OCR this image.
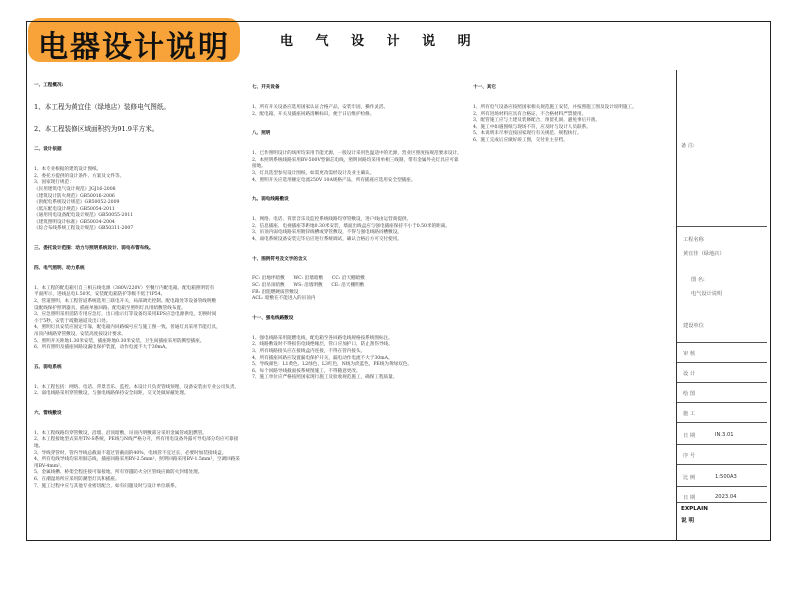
电器设计说明	电 气 设 计 说 明

一、工程概况:

1、本工程为黄宜佳（绿地店）装修电气图纸。

2、本工程装修区域面积约为91.9平方米。

二、设计依据

1、本专业根据的建筑设计图纸。
2、委托方提供的设计条件、方案及文件等。
3、国家现行规范：
《民用建筑电气设计规范》JGJ16-2008
《建筑设计防火规范》GB50016-2006
《供配电系统设计规范》GB50052-2009
《低压配电设计规范》GB50054-2011
《通用用电设备配电设计规范》GB50055-2011
《建筑照明设计标准》GB50034-2004
《综合布线系统工程设计规范》GB50311-2007

三、委托设计范围：动力与照明系统设计、弱电布管布线。

四、电气照明、动力系统

1、本工程的配电箱引自三相五线电源（380V/220V）至餐厅内配电箱。配电箱照明装有
平面所示，进线总电1.50米，安装配电箱防护等级不低于IP54。
2、管道照明，本工程管道系统选用三联电开关，局部调光控制。配电箱处等设备管线明敷
设配线保护照明器具，插座单独回路。配电箱至照明灯具用暗敷管线布置。
3、应急照明采用消防专用应急灯，出口指示灯等设备均采用EPS应急电源供电，切换时间
小于5秒，安装于疏散通道及出口处。
4、照明灯具安装应固定牢靠，配电箱内回路编号应与施工图一致。普通灯具采用节能灯具，
吊顶内线路穿管敷设，安装高度按设计要求。
5、照明开关距地1.30米安装，插座距地0.30米安装，卫生间插座采用防溅型插座。
6、所有照明及插座回路设漏电保护装置，动作电流不大于30mA。

五、弱电系统

1、本工程包括：网络、电话、背景音乐、监控。本设计只负责管线预埋，设备安装由专业公司负责。
2、弱电线路采用穿管敷设，与强电线路保持安全间距，交叉处做屏蔽处理。

六、管线敷设

1、本工程线路均穿管敷设，沿墙、沿顶暗敷，吊顶内明敷部分采用金属管或阻燃管。
2、本工程接地型式采用TN-S系统，PE线与N线严格分开，所有用电设备外露可导电部分均应可靠接地。
3、导线穿管时，管内导线总截面不超过管截面的40%，电线管不宜过长，必要时加装接线盒。
4、所有电线导线均采用铜芯线，插座回路采用BV-2.5mm²，照明回路采用BV-1.5mm²，空调回路采用BV-4mm²。
5、金属线槽、桥架全程连接可靠接地，所有穿越防火分区管线应做防火封堵处理。
6、在潮湿场所应采用防潮型灯具和插座。
7、施工过程中应与其他专业密切配合，如有问题及时与设计单位联系。

七、开关设备

1、所有开关设备应选用国家认证合格产品，安装牢固，操作灵活。
2、配电箱、开关及插座回路清晰标识，便于日后维护检修。

八、照明

1、已作照明设计的场所均采用节能光源，一般设计采用色温适中的光源，营业区照度按规范要求设计。
2、本照明系统线路采用BV-500V型铜芯电线，照明回路均采用单相三线制，带有金属外壳灯具应可靠接地。
3、灯具选型参见设计图纸，如需更改需经设计及业主确认。
4、照明开关应选用额定电流250V 10A规格产品，所有插座应选用安全型插座。

九、弱电线路敷设

1、网络、电话、背景音乐及监控系统线路均穿管敷设，进户线由运营商提供。
2、信息插座、电视插座等距地0.30米安装，墙面出线盒应与强电插座保持不小于0.50米的距离。
3、吊顶内弱电线路采用镀锌线槽或穿管敷设，不得与强电线路同槽敷设。
4、弱电系统设备安装完毕后应进行系统调试，确认合格后方可交付使用。

十、图例符号及文字的含义

FC: 沿地坪暗敷      WC: 沿墙暗敷      CC: 沿天棚暗敷
SC: 沿吊顶暗敷      WS: 沿墙明敷      CE: 沿天棚明敷
FR: 沿阻燃硬质管敷设
ACL: 暗敷在不能进入的吊顶内

十一、强电线路敷设

1、强电线路采用阻燃电线，配电箱至各回路电线规格按系统图标注。
2、线路敷设时不得损伤电线绝缘层，管口应加护口，防止刮伤导线。
3、所有线路接头应在接线盒内连接，不得在管内接头。
4、所有插座回路应设置漏电保护开关，漏电动作电流不大于30mA。
5、导线颜色：L1黄色、L2绿色、L3红色，N线为淡蓝色，PE线为黄绿双色。
6、每个回路导线截面按系统图施工，不得随意更改。
7、施工单位应严格按照国家现行施工及验收规范施工，确保工程质量。

十一、其它

1、所有电气设备应按照国家相关规范施工安装，并按照施工图及设计说明施工。
2、所有进场材料应具有合格证，不合格材料严禁使用。
3、配管施工应与土建及装修配合，预留孔洞，避免事后开凿。
4、施工中如遇图纸与现场不符，应及时与设计人员联系。
5、本说明未尽事宜按国家现行有关规范、规程执行。
6、施工完成后应做好竣工图，交付业主存档。

备 注:
工程名称
黄宜佳（绿地店）
图 名:
电气设计说明
建设单位
审 核
设 计
绘 图
施 工
日 期	IN.3.01
序 号
比 例	1:500A3
日 期	2023.04
EXPLAIN
说 明
